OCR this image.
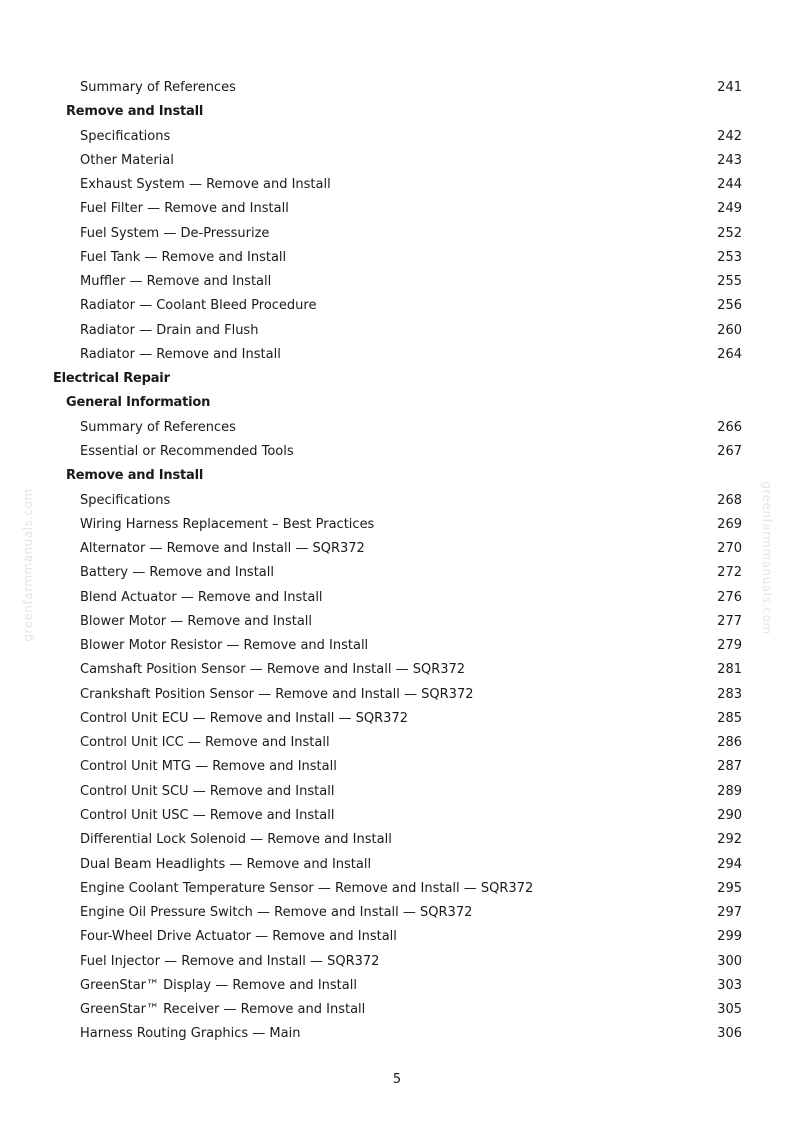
greenfarmmanuals.com	greenfarmmanuals.com
Summary of References	241
Remove and Install
Specifications	242
Other Material	243
Exhaust System — Remove and Install	244
Fuel Filter — Remove and Install	249
Fuel System — De-Pressurize	252
Fuel Tank — Remove and Install	253
Muffler — Remove and Install	255
Radiator — Coolant Bleed Procedure	256
Radiator — Drain and Flush	260
Radiator — Remove and Install	264
Electrical Repair
General Information
Summary of References	266
Essential or Recommended Tools	267
Remove and Install
Specifications	268
Wiring Harness Replacement – Best Practices	269
Alternator — Remove and Install — SQR372	270
Battery — Remove and Install	272
Blend Actuator — Remove and Install	276
Blower Motor — Remove and Install	277
Blower Motor Resistor — Remove and Install	279
Camshaft Position Sensor — Remove and Install — SQR372	281
Crankshaft Position Sensor — Remove and Install — SQR372	283
Control Unit ECU — Remove and Install — SQR372	285
Control Unit ICC — Remove and Install	286
Control Unit MTG — Remove and Install	287
Control Unit SCU — Remove and Install	289
Control Unit USC — Remove and Install	290
Differential Lock Solenoid — Remove and Install	292
Dual Beam Headlights — Remove and Install	294
Engine Coolant Temperature Sensor — Remove and Install — SQR372	295
Engine Oil Pressure Switch — Remove and Install — SQR372	297
Four-Wheel Drive Actuator — Remove and Install	299
Fuel Injector — Remove and Install — SQR372	300
GreenStar™ Display — Remove and Install	303
GreenStar™ Receiver — Remove and Install	305
Harness Routing Graphics — Main	306
5
